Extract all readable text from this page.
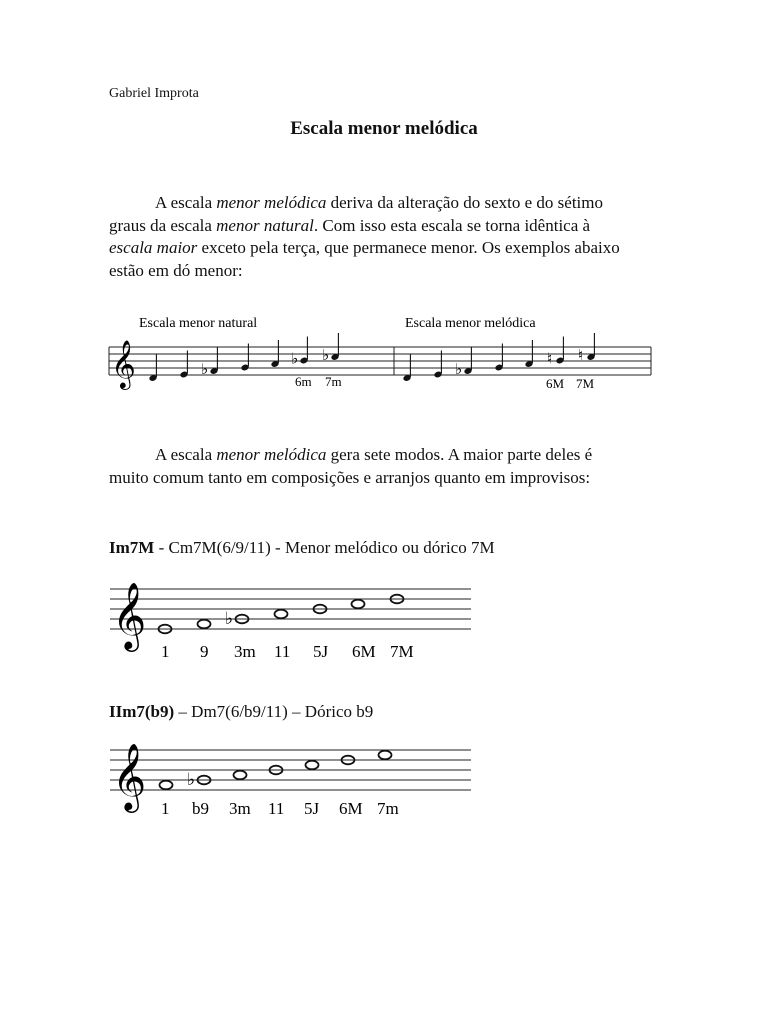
Gabriel Improta
Escala menor melódica
A escala menor melódica deriva da alteração do sexto e do sétimo
graus da escala menor natural. Com isso esta escala se torna idêntica à
escala maior exceto pela terça, que permanece menor. Os exemplos abaixo
estão em dó menor:
Escala menor natural	Escala menor melódica
𝄞	♭
♭ ♭
♭
♮ ♮
6m 7m	6M 7M
A escala menor melódica gera sete modos. A maior parte deles é
muito comum tanto em composições e arranjos quanto em improvisos:
Im7M - Cm7M(6/9/11) - Menor melódico ou dórico 7M
𝄞	♭
1 9 3m 11 5J 6M 7M
IIm7(b9) – Dm7(6/b9/11) – Dórico b9
𝄞 ♭
1 b9 3m 11 5J 6M 7m
